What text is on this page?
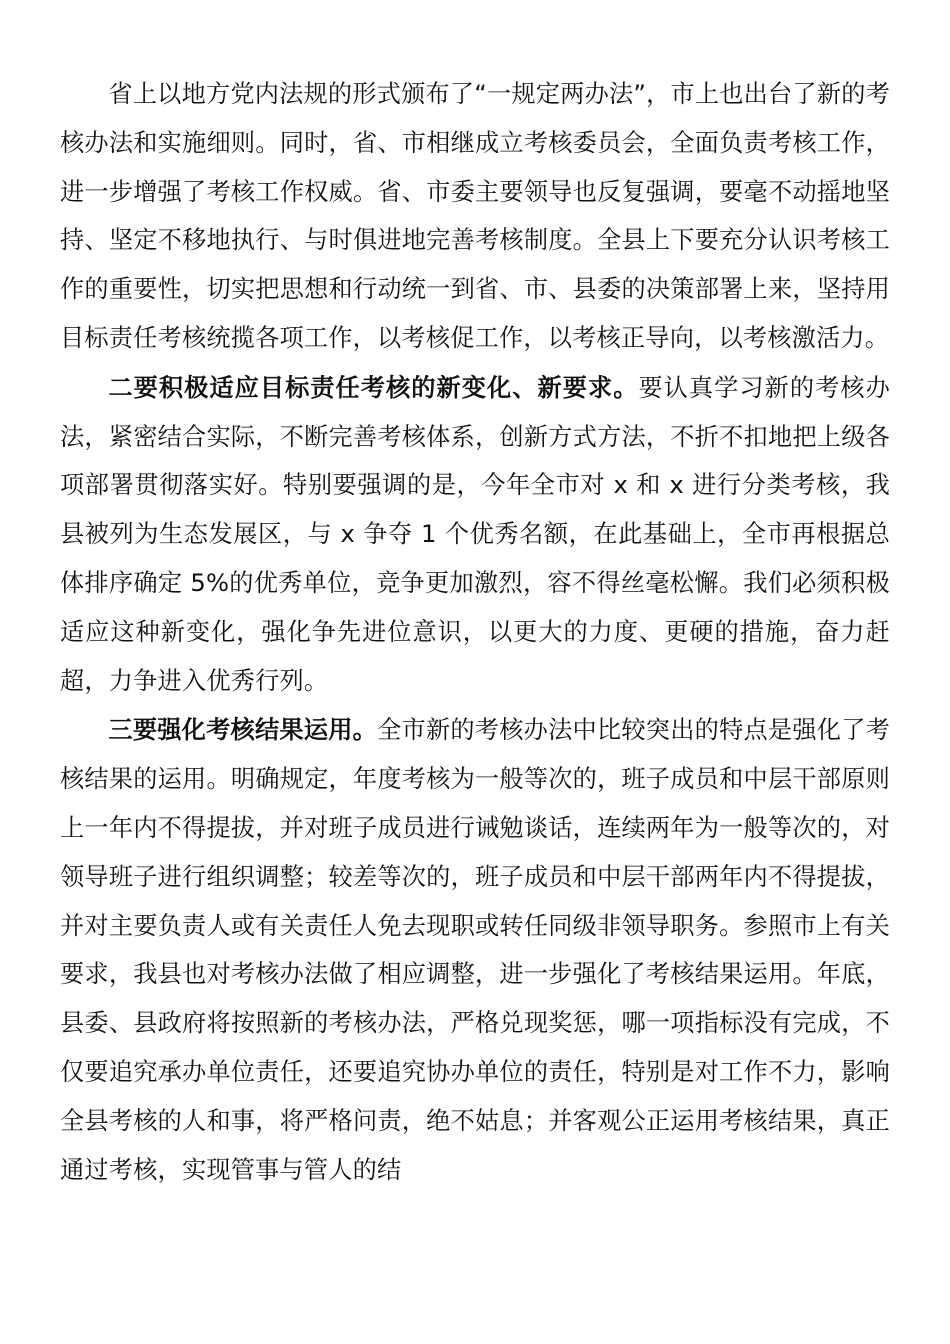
省上以地方党内法规的形式颁布了“一规定两办法”，市上也出台了新的考核办法和实施细则。同时，省、市相继成立考核委员会，全面负责考核工作，进一步增强了考核工作权威。省、市委主要领导也反复强调，要毫不动摇地坚持、坚定不移地执行、与时俱进地完善考核制度。全县上下要充分认识考核工作的重要性，切实把思想和行动统一到省、市、县委的决策部署上来，坚持用目标责任考核统揽各项工作，以考核促工作，以考核正导向，以考核激活力。

二要积极适应目标责任考核的新变化、新要求。要认真学习新的考核办法，紧密结合实际，不断完善考核体系，创新方式方法，不折不扣地把上级各项部署贯彻落实好。特别要强调的是，今年全市对 x 和 x 进行分类考核，我县被列为生态发展区，与 x 争夺 1 个优秀名额，在此基础上，全市再根据总体排序确定 5%的优秀单位，竞争更加激烈，容不得丝毫松懈。我们必须积极适应这种新变化，强化争先进位意识，以更大的力度、更硬的措施，奋力赶超，力争进入优秀行列。

三要强化考核结果运用。全市新的考核办法中比较突出的特点是强化了考核结果的运用。明确规定，年度考核为一般等次的，班子成员和中层干部原则上一年内不得提拔，并对班子成员进行诫勉谈话，连续两年为一般等次的，对领导班子进行组织调整；较差等次的，班子成员和中层干部两年内不得提拔，并对主要负责人或有关责任人免去现职或转任同级非领导职务。参照市上有关要求，我县也对考核办法做了相应调整，进一步强化了考核结果运用。年底，县委、县政府将按照新的考核办法，严格兑现奖惩，哪一项指标没有完成，不仅要追究承办单位责任，还要追究协办单位的责任，特别是对工作不力，影响全县考核的人和事，将严格问责，绝不姑息；并客观公正运用考核结果，真正通过考核，实现管事与管人的结
